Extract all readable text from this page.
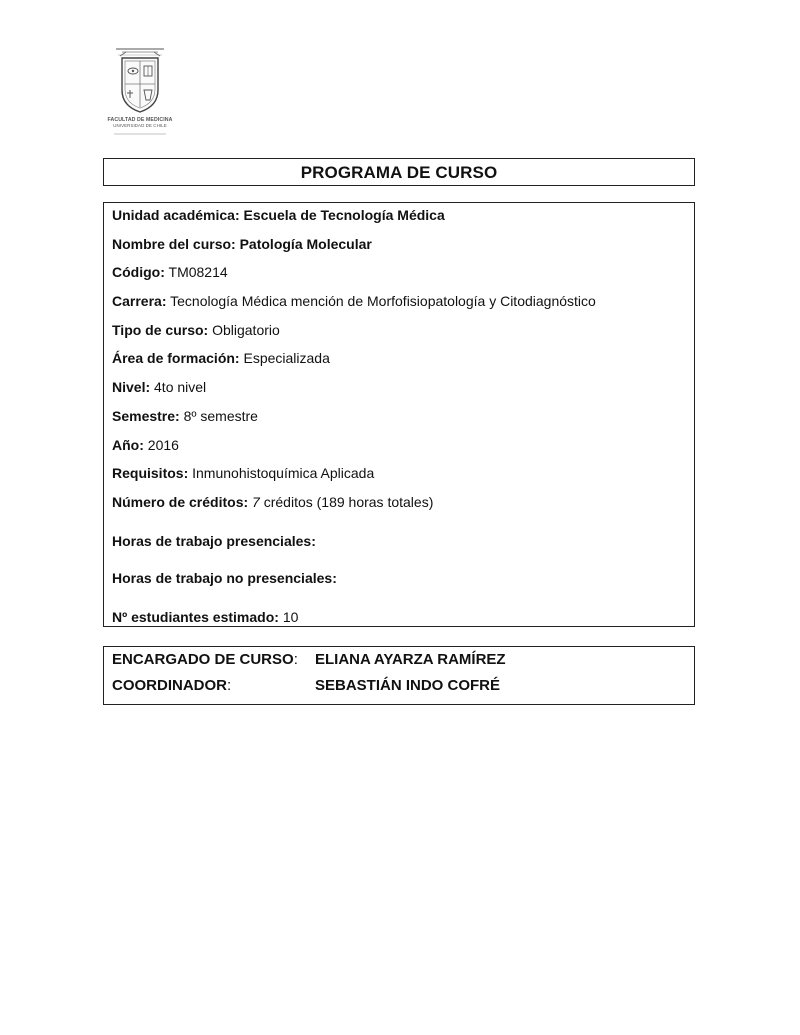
FACULTAD DE MEDICINA
UNIVERSIDAD DE CHILE
PROGRAMA DE CURSO
Unidad académica: Escuela de Tecnología Médica
Nombre del curso: Patología Molecular
Código: TM08214
Carrera: Tecnología Médica mención de Morfofisiopatología y Citodiagnóstico
Tipo de curso: Obligatorio
Área de formación: Especializada
Nivel: 4to nivel
Semestre: 8º semestre
Año: 2016
Requisitos: Inmunohistoquímica Aplicada
Número de créditos: 7 créditos (189 horas totales)
Horas de trabajo presenciales:
Horas de trabajo no presenciales:
Nº estudiantes estimado: 10
ENCARGADO DE CURSO: ELIANA AYARZA RAMÍREZ
COORDINADOR:	SEBASTIÁN INDO COFRÉ
